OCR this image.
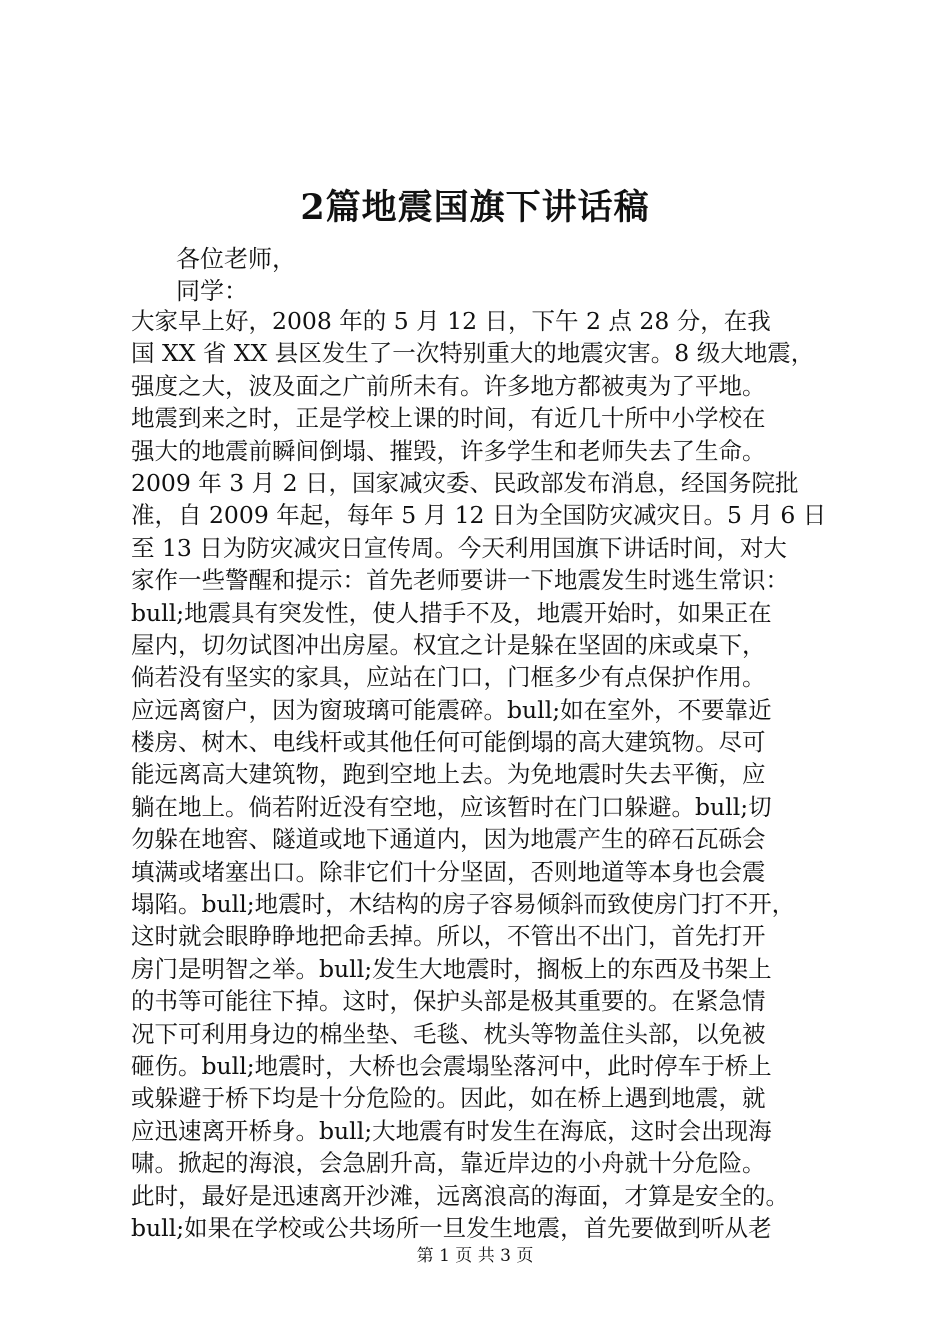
2篇地震国旗下讲话稿
各位老师，
同学：
大家早上好，2008 年的 5 月 12 日，下午 2 点 28 分，在我
国 XX 省 XX 县区发生了一次特别重大的地震灾害。8 级大地震，
强度之大，波及面之广前所未有。许多地方都被夷为了平地。
地震到来之时，正是学校上课的时间，有近几十所中小学校在
强大的地震前瞬间倒塌、摧毁，许多学生和老师失去了生命。
2009 年 3 月 2 日，国家减灾委、民政部发布消息，经国务院批
准，自 2009 年起，每年 5 月 12 日为全国防灾减灾日。5 月 6 日
至 13 日为防灾减灾日宣传周。今天利用国旗下讲话时间，对大
家作一些警醒和提示：首先老师要讲一下地震发生时逃生常识：
bull;地震具有突发性，使人措手不及，地震开始时，如果正在
屋内，切勿试图冲出房屋。权宜之计是躲在坚固的床或桌下，
倘若没有坚实的家具，应站在门口，门框多少有点保护作用。
应远离窗户，因为窗玻璃可能震碎。bull;如在室外，不要靠近
楼房、树木、电线杆或其他任何可能倒塌的高大建筑物。尽可
能远离高大建筑物，跑到空地上去。为免地震时失去平衡，应
躺在地上。倘若附近没有空地，应该暂时在门口躲避。bull;切
勿躲在地窖、隧道或地下通道内，因为地震产生的碎石瓦砾会
填满或堵塞出口。除非它们十分坚固，否则地道等本身也会震
塌陷。bull;地震时，木结构的房子容易倾斜而致使房门打不开，
这时就会眼睁睁地把命丢掉。所以，不管出不出门，首先打开
房门是明智之举。bull;发生大地震时，搁板上的东西及书架上
的书等可能往下掉。这时，保护头部是极其重要的。在紧急情
况下可利用身边的棉坐垫、毛毯、枕头等物盖住头部，以免被
砸伤。bull;地震时，大桥也会震塌坠落河中，此时停车于桥上
或躲避于桥下均是十分危险的。因此，如在桥上遇到地震，就
应迅速离开桥身。bull;大地震有时发生在海底，这时会出现海
啸。掀起的海浪，会急剧升高，靠近岸边的小舟就十分危险。
此时，最好是迅速离开沙滩，远离浪高的海面，才算是安全的。
bull;如果在学校或公共场所一旦发生地震，首先要做到听从老
第 1 页 共 3 页
